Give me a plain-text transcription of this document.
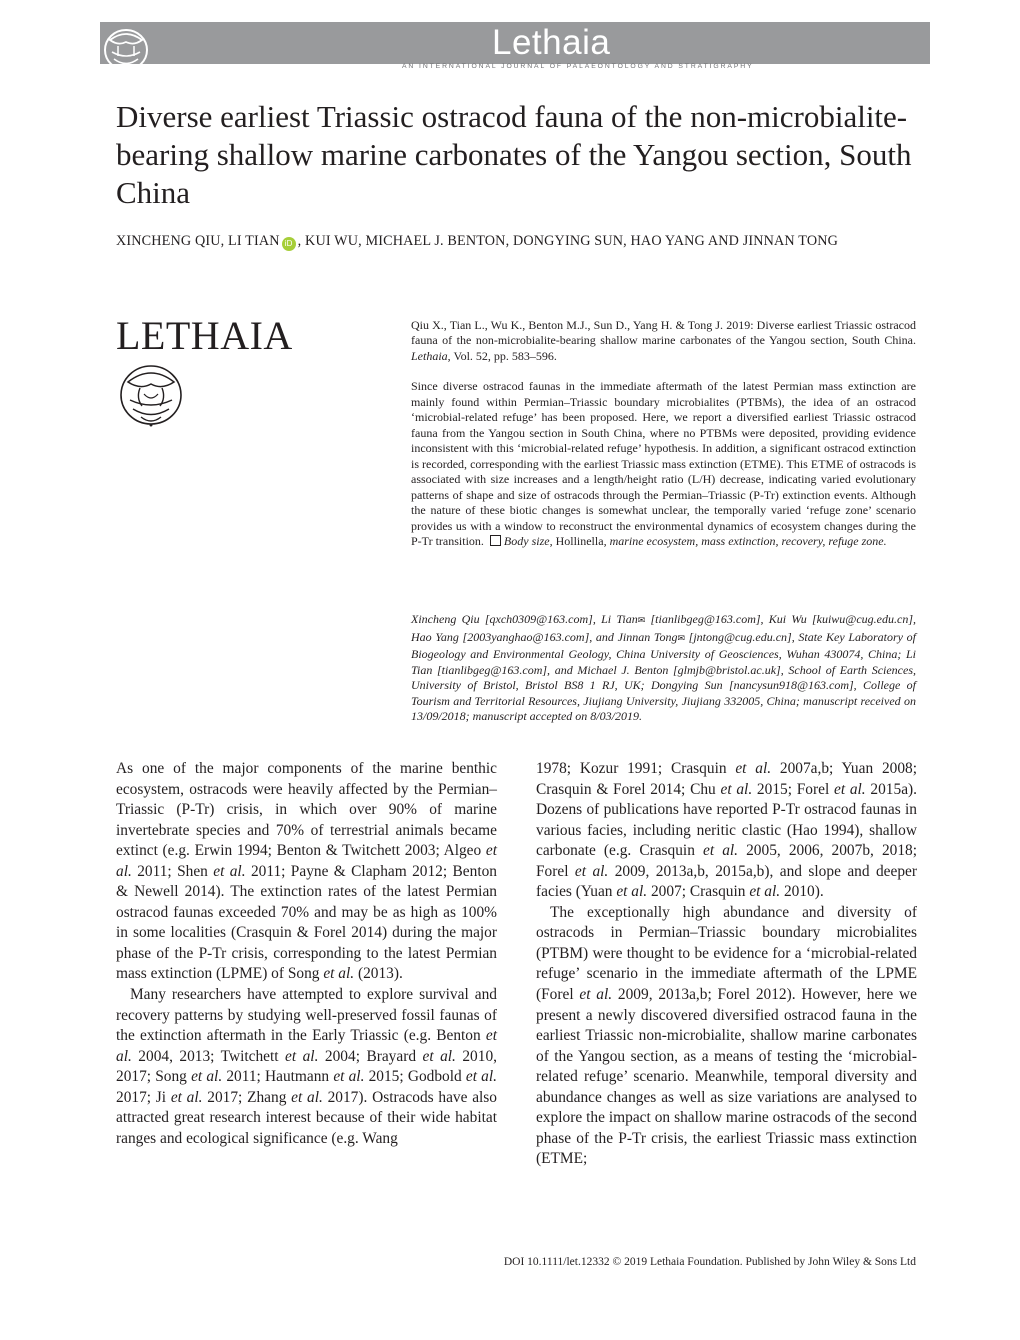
Lethaia
AN INTERNATIONAL JOURNAL OF PALAEONTOLOGY AND STRATIGRAPHY
Diverse earliest Triassic ostracod fauna of the non-microbialite-bearing shallow marine carbonates of the Yangou section, South China
XINCHENG QIU, LI TIAN iD , KUI WU, MICHAEL J. BENTON, DONGYING SUN, HAO YANG AND JINNAN TONG
LETHAIA	Qiu X., Tian L., Wu K., Benton M.J., Sun D., Yang H. & Tong J. 2019: Diverse earliest Triassic ostracod fauna of the non-microbialite-bearing shallow marine carbonates of the Yangou section, South China. Lethaia, Vol. 52, pp. 583–596.
Since diverse ostracod faunas in the immediate aftermath of the latest Permian mass extinction are mainly found within Permian–Triassic boundary microbialites (PTBMs), the idea of an ostracod ‘microbial-related refuge’ has been proposed. Here, we report a diversified earliest Triassic ostracod fauna from the Yangou section in South China, where no PTBMs were deposited, providing evidence inconsistent with this ‘microbial-related refuge’ hypothesis. In addition, a significant ostracod extinction is recorded, corresponding with the earliest Triassic mass extinction (ETME). This ETME of ostracods is associated with size increases and a length/height ratio (L/H) decrease, indicating varied evolutionary patterns of shape and size of ostracods through the Permian–Triassic (P-Tr) extinction events. Although the nature of these biotic changes is somewhat unclear, the temporally varied ‘refuge zone’ scenario provides us with a window to reconstruct the environmental dynamics of ecosystem changes during the P-Tr transition. Body size, Hollinella, marine ecosystem, mass extinction, recovery, refuge zone.
Xincheng Qiu [qxch0309@163.com], Li Tian✉ [tianlibgeg@163.com], Kui Wu [kuiwu@cug.edu.cn], Hao Yang [2003yanghao@163.com], and Jinnan Tong✉ [jntong@cug.edu.cn], State Key Laboratory of Biogeology and Environmental Geology, China University of Geosciences, Wuhan 430074, China; Li Tian [tianlibgeg@163.com], and Michael J. Benton [glmjb@bristol.ac.uk], School of Earth Sciences, University of Bristol, Bristol BS8 1 RJ, UK; Dongying Sun [nancysun918@163.com], College of Tourism and Territorial Resources, Jiujiang University, Jiujiang 332005, China; manuscript received on 13/09/2018; manuscript accepted on 8/03/2019.

As one of the major components of the marine benthic ecosystem, ostracods were heavily affected by the Permian–Triassic (P-Tr) crisis, in which over 90% of marine invertebrate species and 70% of terrestrial animals became extinct (e.g. Erwin 1994; Benton & Twitchett 2003; Algeo et al. 2011; Shen et al. 2011; Payne & Clapham 2012; Benton & Newell 2014). The extinction rates of the latest Permian ostracod faunas exceeded 70% and may be as high as 100% in some localities (Crasquin & Forel 2014) during the major phase of the P-Tr crisis, corresponding to the latest Permian mass extinction (LPME) of Song et al. (2013).

Many researchers have attempted to explore survival and recovery patterns by studying well-preserved fossil faunas of the extinction aftermath in the Early Triassic (e.g. Benton et al. 2004, 2013; Twitchett et al. 2004; Brayard et al. 2010, 2017; Song et al. 2011; Hautmann et al. 2015; Godbold et al. 2017; Ji et al. 2017; Zhang et al. 2017). Ostracods have also attracted great research interest because of their wide habitat ranges and ecological significance (e.g. Wang

1978; Kozur 1991; Crasquin et al. 2007a,b; Yuan 2008; Crasquin & Forel 2014; Chu et al. 2015; Forel et al. 2015a). Dozens of publications have reported P-Tr ostracod faunas in various facies, including neritic clastic (Hao 1994), shallow carbonate (e.g. Crasquin et al. 2005, 2006, 2007b, 2018; Forel et al. 2009, 2013a,b, 2015a,b), and slope and deeper facies (Yuan et al. 2007; Crasquin et al. 2010).

The exceptionally high abundance and diversity of ostracods in Permian–Triassic boundary microbialites (PTBM) were thought to be evidence for a ‘microbial-related refuge’ scenario in the immediate aftermath of the LPME (Forel et al. 2009, 2013a,b; Forel 2012). However, here we present a newly discovered diversified ostracod fauna in the earliest Triassic non-microbialite, shallow marine carbonates of the Yangou section, as a means of testing the ‘microbial-related refuge’ scenario. Meanwhile, temporal diversity and abundance changes as well as size variations are analysed to explore the impact on shallow marine ostracods of the second phase of the P-Tr crisis, the earliest Triassic mass extinction (ETME;

DOI 10.1111/let.12332 © 2019 Lethaia Foundation. Published by John Wiley & Sons Ltd
